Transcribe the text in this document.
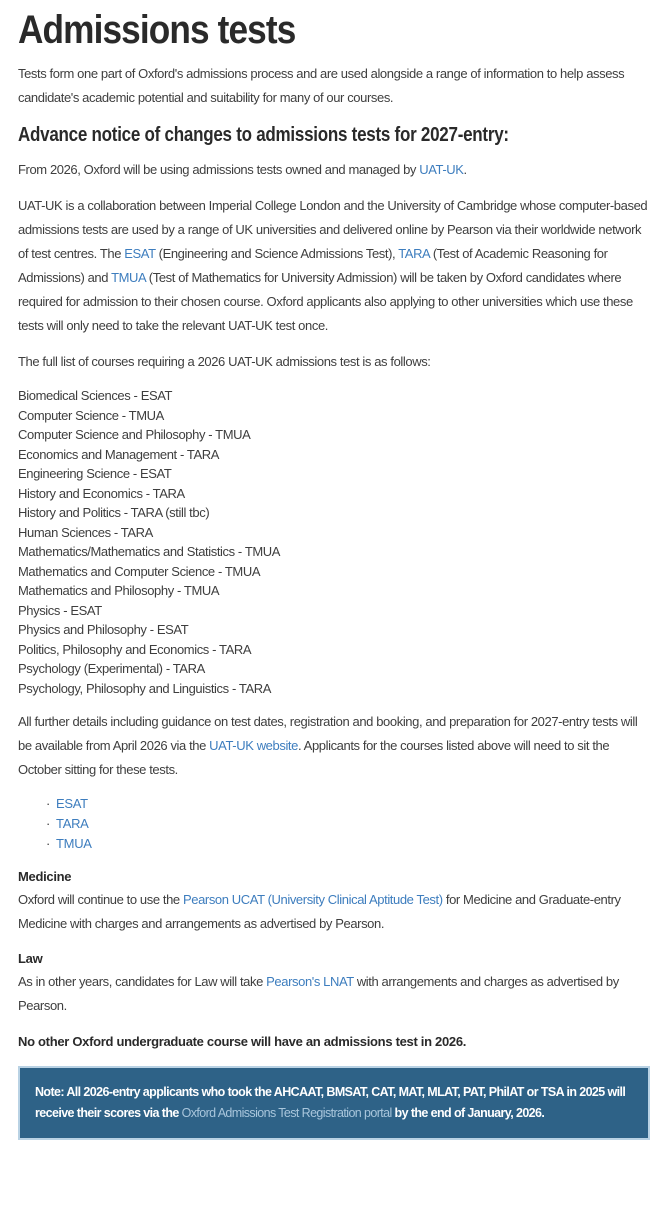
Admissions tests

Tests form one part of Oxford's admissions process and are used alongside a range of information to help assess candidate's academic potential and suitability for many of our courses.

Advance notice of changes to admissions tests for 2027-entry:

From 2026, Oxford will be using admissions tests owned and managed by UAT-UK.

UAT-UK is a collaboration between Imperial College London and the University of Cambridge whose computer-based admissions tests are used by a range of UK universities and delivered online by Pearson via their worldwide network of test centres. The ESAT (Engineering and Science Admissions Test), TARA (Test of Academic Reasoning for Admissions) and TMUA (Test of Mathematics for University Admission) will be taken by Oxford candidates where required for admission to their chosen course. Oxford applicants also applying to other universities which use these tests will only need to take the relevant UAT-UK test once.

The full list of courses requiring a 2026 UAT-UK admissions test is as follows:

Biomedical Sciences - ESAT
Computer Science - TMUA
Computer Science and Philosophy - TMUA
Economics and Management - TARA
Engineering Science - ESAT
History and Economics - TARA
History and Politics - TARA (still tbc)
Human Sciences - TARA
Mathematics/Mathematics and Statistics - TMUA
Mathematics and Computer Science - TMUA
Mathematics and Philosophy - TMUA
Physics - ESAT
Physics and Philosophy - ESAT
Politics, Philosophy and Economics - TARA
Psychology (Experimental) - TARA
Psychology, Philosophy and Linguistics - TARA

All further details including guidance on test dates, registration and booking, and preparation for 2027-entry tests will be available from April 2026 via the UAT-UK website. Applicants for the courses listed above will need to sit the October sitting for these tests.

· ESAT
· TARA
· TMUA
Medicine

Oxford will continue to use the Pearson UCAT (University Clinical Aptitude Test) for Medicine and Graduate-entry Medicine with charges and arrangements as advertised by Pearson.

Law

As in other years, candidates for Law will take Pearson's LNAT with arrangements and charges as advertised by Pearson.

No other Oxford undergraduate course will have an admissions test in 2026.

Note: All 2026-entry applicants who took the AHCAAT, BMSAT, CAT, MAT, MLAT, PAT, PhilAT or TSA in 2025 will receive their scores via the Oxford Admissions Test Registration portal by the end of January, 2026.
